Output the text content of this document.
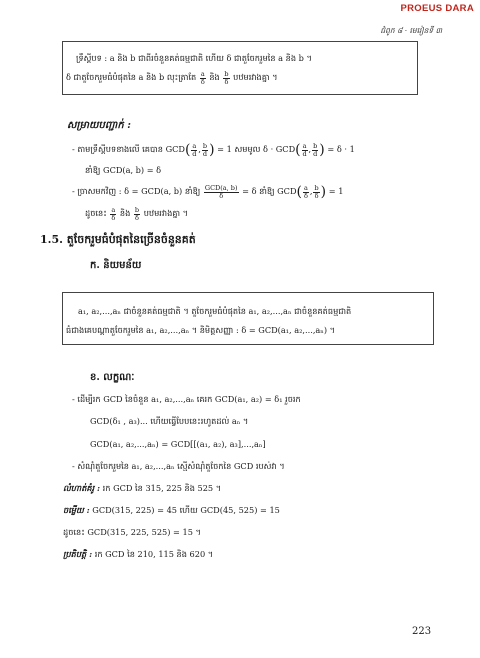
PROEUS DARA
ជំពូក ៨ · មេរៀនទី ៣
ទ្រឹស្តីបទ : a និង b ជាពីរចំនួនគត់ធម្មជាតិ ហើយ δ ជាតួចែករួមនៃ a និង b ។
δ ជាតួចែករួមធំបំផុតនៃ a និង b លុះត្រាតែ $\frac{a}{\delta}$ និង $\frac{b}{\delta}$ បឋមរវាងគ្នា ។
សម្រាយបញ្ជាក់ :
- តាមទ្រឹស្តីបទខាងលើ គេបាន $GCD( \frac{a}{d}$ , $\frac{b}{d}$ ) = 1 សមមូល $\delta \cdot GCD( \frac{a}{d}$ , $\frac{b}{d}$ ) = δ · 1
នាំឱ្យ GCD(a, b) = δ
- ច្រាសមកវិញ : δ = GCD(a, b) នាំឱ្យ $\frac{\text{GCD(a, b)}}{\delta} = \delta$ នាំឱ្យ $GCD( \frac{a}{\delta}$ , $\frac{b}{\delta}$ ) = 1
ដូចនេះ $\frac{a}{\delta}$ និង $\frac{b}{\delta}$ បឋមរវាងគ្នា ។
1.5. តួចែករួមធំបំផុតនៃច្រើនចំនួនគត់
ក. និយមន័យ
a₁, a₂,...,aₙ ជាចំនួនគត់ធម្មជាតិ ។ តួចែករួមធំបំផុតនៃ a₁, a₂,...,aₙ ជាចំនួនគត់ធម្មជាតិ
ធំជាងគេបណ្ដាតួចែករួមនៃ a₁, a₂,...,aₙ ។ និមិត្តសញ្ញា : δ = GCD(a₁, a₂,...,aₙ) ។
ខ. លក្ខណៈ
- ដើម្បីរក GCD នៃចំនួន a₁, a₂,...,aₙ គេរក GCD(a₁, a₂) = δ₁ រួចរក
GCD(δ₁ , a₃)... ហើយធ្វើបែបនេះរហូតដល់ aₙ ។
GCD(a₁, a₂,...,aₙ) = GCD[[(a₁, a₂), a₃],...,aₙ]
- សំណុំតួចែករួមនៃ a₁, a₂,...,aₙ ស្មើសំណុំតួចែកនៃ GCD របស់វា ។
លំហាត់គំរូ : រក GCD នៃ 315, 225 និង 525 ។
ចម្លើយ : GCD(315, 225) = 45 ហើយ GCD(45, 525) = 15
ដូចនេះ GCD(315, 225, 525) = 15 ។
ប្រតិបត្តិ : រក GCD នៃ 210, 115 និង 620 ។
223
